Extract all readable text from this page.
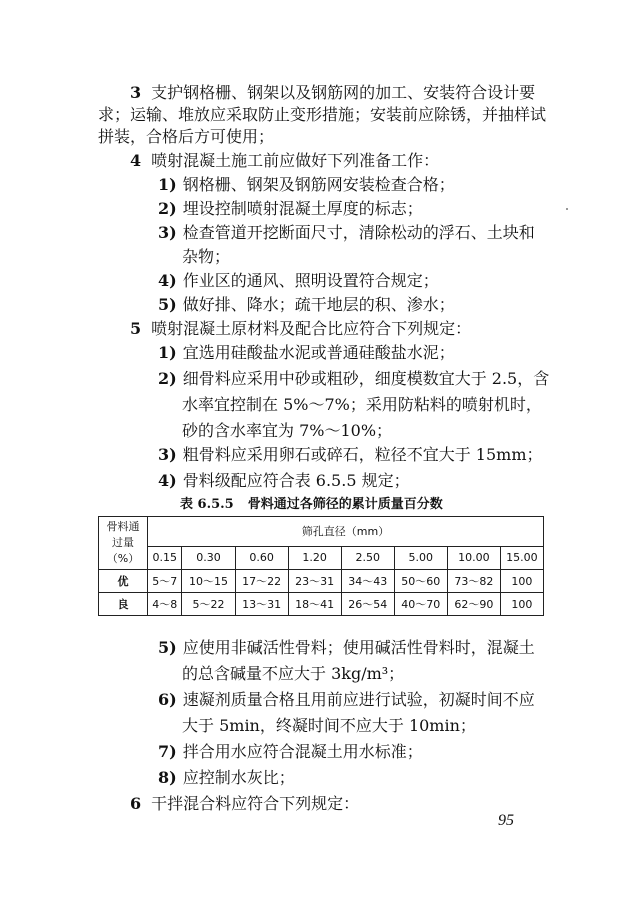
3 支护钢格栅、钢架以及钢筋网的加工、安装符合设计要
求；运输、堆放应采取防止变形措施；安装前应除锈，并抽样试
拼装，合格后方可使用；
4 喷射混凝土施工前应做好下列准备工作：
1) 钢格栅、钢架及钢筋网安装检查合格；
2) 埋设控制喷射混凝土厚度的标志；
3) 检查管道开挖断面尺寸，清除松动的浮石、土块和
杂物；
4) 作业区的通风、照明设置符合规定；
5) 做好排、降水；疏干地层的积、渗水；
5 喷射混凝土原材料及配合比应符合下列规定：
1) 宜选用硅酸盐水泥或普通硅酸盐水泥；
2) 细骨料应采用中砂或粗砂，细度模数宜大于 2.5，含
水率宜控制在 5%～7%；采用防粘料的喷射机时，
砂的含水率宜为 7%～10%；
3) 粗骨料应采用卵石或碎石，粒径不宜大于 15mm；
表 6.5.5 骨料通过各筛径的累计质量百分数
骨料通
过量
（%）	筛孔直径（mm）							
	0.15	0.30	0.60	1.20	2.50	5.00	10.00	15.00
优	5～7	10～15	17～22	23～31	34～43	50～60	73～82	100
良	4～8	5～22	13～31	18～41	26～54	40～70	62～90	100
5) 应使用非碱活性骨料；使用碱活性骨料时，混凝土
的总含碱量不应大于 3kg/m³；
6) 速凝剂质量合格且用前应进行试验，初凝时间不应
大于 5min，终凝时间不应大于 10min；
7) 拌合用水应符合混凝土用水标准；
8) 应控制水灰比；
6 干拌混合料应符合下列规定：
95
4) 骨料级配应符合表 6.5.5 规定；
